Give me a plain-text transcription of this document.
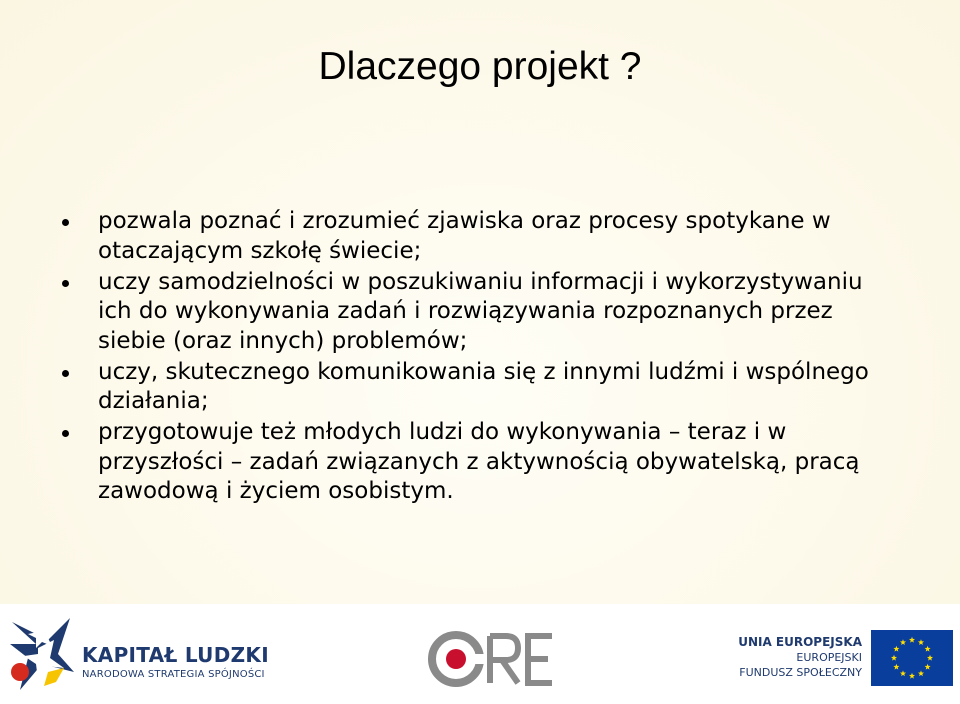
Dlaczego projekt ?
pozwala poznać i zrozumieć zjawiska oraz procesy spotykane w otaczającym szkołę świecie;
uczy samodzielności w poszukiwaniu informacji i wykorzystywaniu ich do wykonywania zadań i rozwiązywania rozpoznanych przez siebie (oraz innych) problemów;
uczy, skutecznego komunikowania się z innymi ludźmi i wspólnego działania;
przygotowuje też młodych ludzi do wykonywania – teraz i w przyszłości – zadań związanych z aktywnością obywatelską, pracą zawodową i życiem osobistym.
KAPITAŁ LUDZKI
NARODOWA STRATEGIA SPÓJNOŚCI
UNIA EUROPEJSKA
EUROPEJSKI
FUNDUSZ SPOŁECZNY
